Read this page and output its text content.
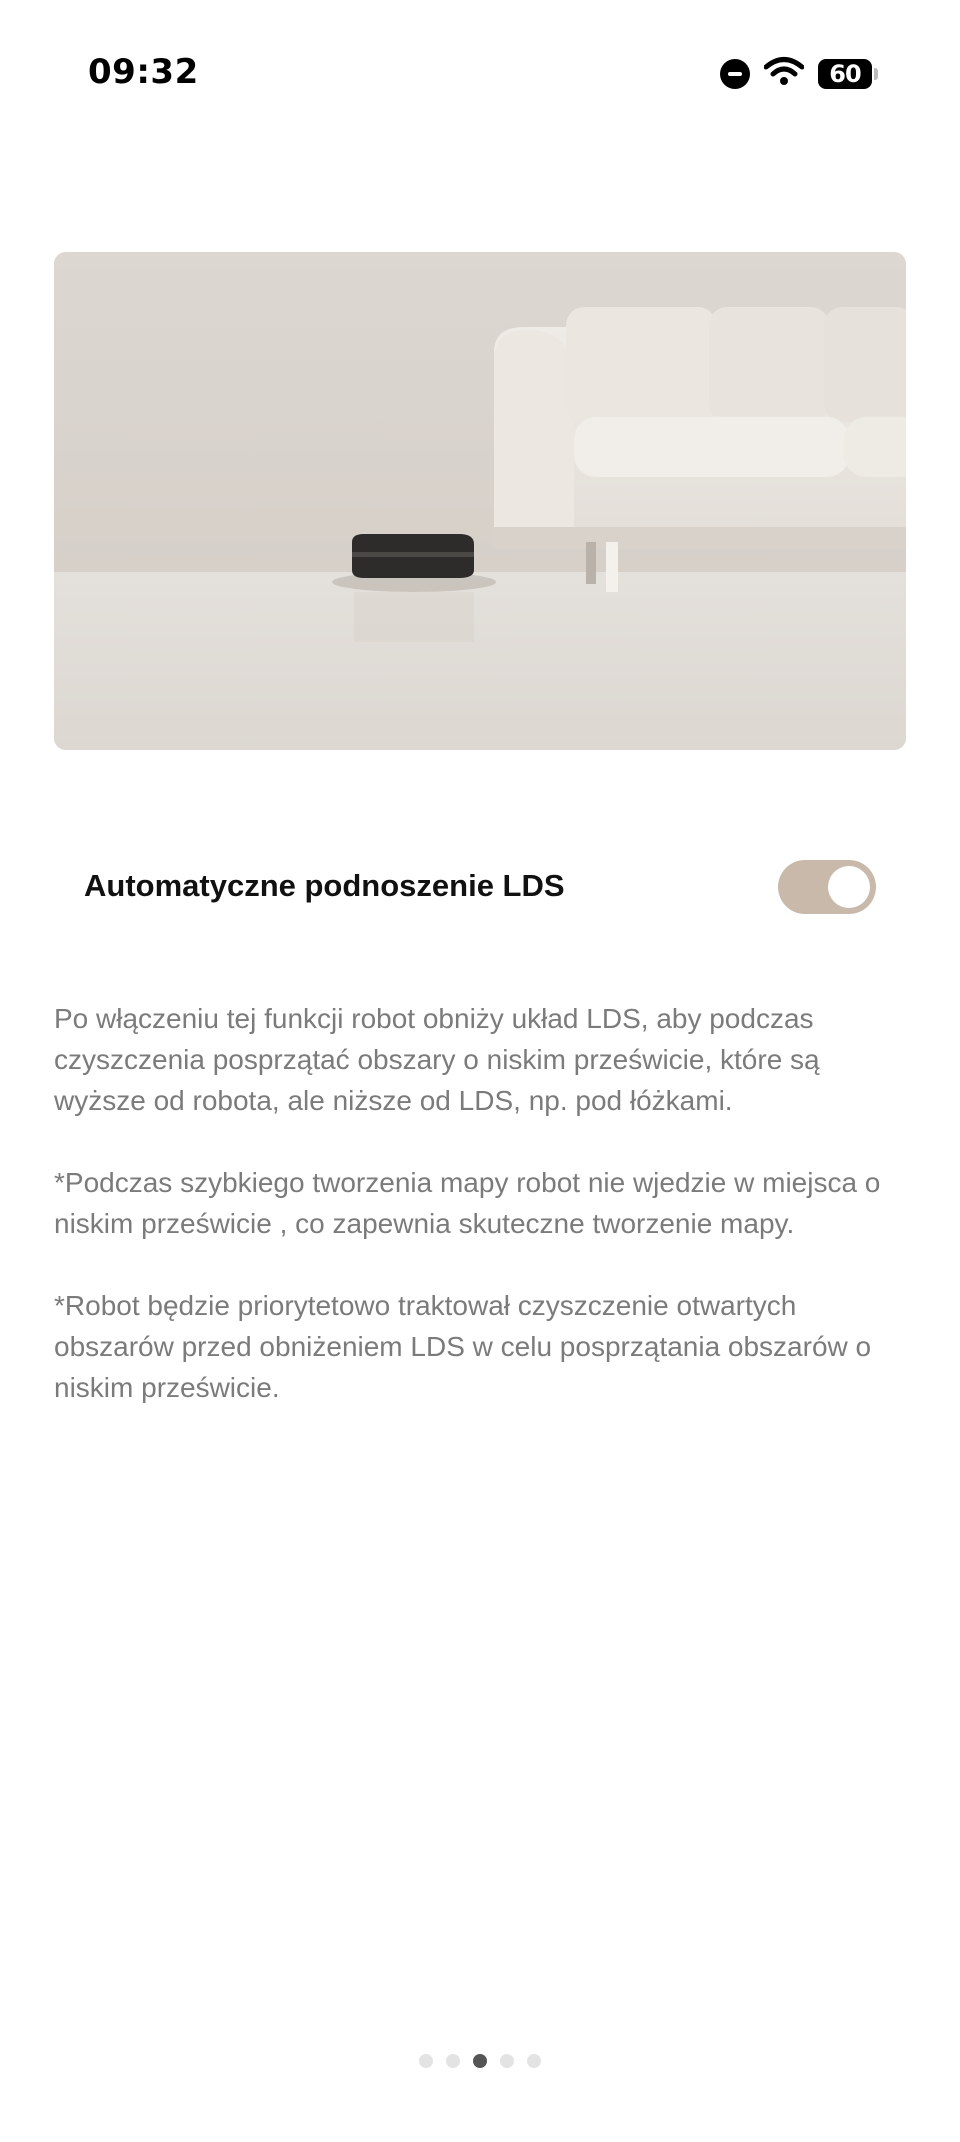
09:32	60
Automatyczne podnoszenie LDS

Po włączeniu tej funkcji robot obniży układ LDS, aby podczas czyszczenia posprzątać obszary o niskim prześwicie, które są wyższe od robota, ale niższe od LDS, np. pod łóżkami.

*Podczas szybkiego tworzenia mapy robot nie wjedzie w miejsca o niskim prześwicie , co zapewnia skuteczne tworzenie mapy.

*Robot będzie priorytetowo traktował czyszczenie otwartych obszarów przed obniżeniem LDS w celu posprzątania obszarów o niskim prześwicie.
